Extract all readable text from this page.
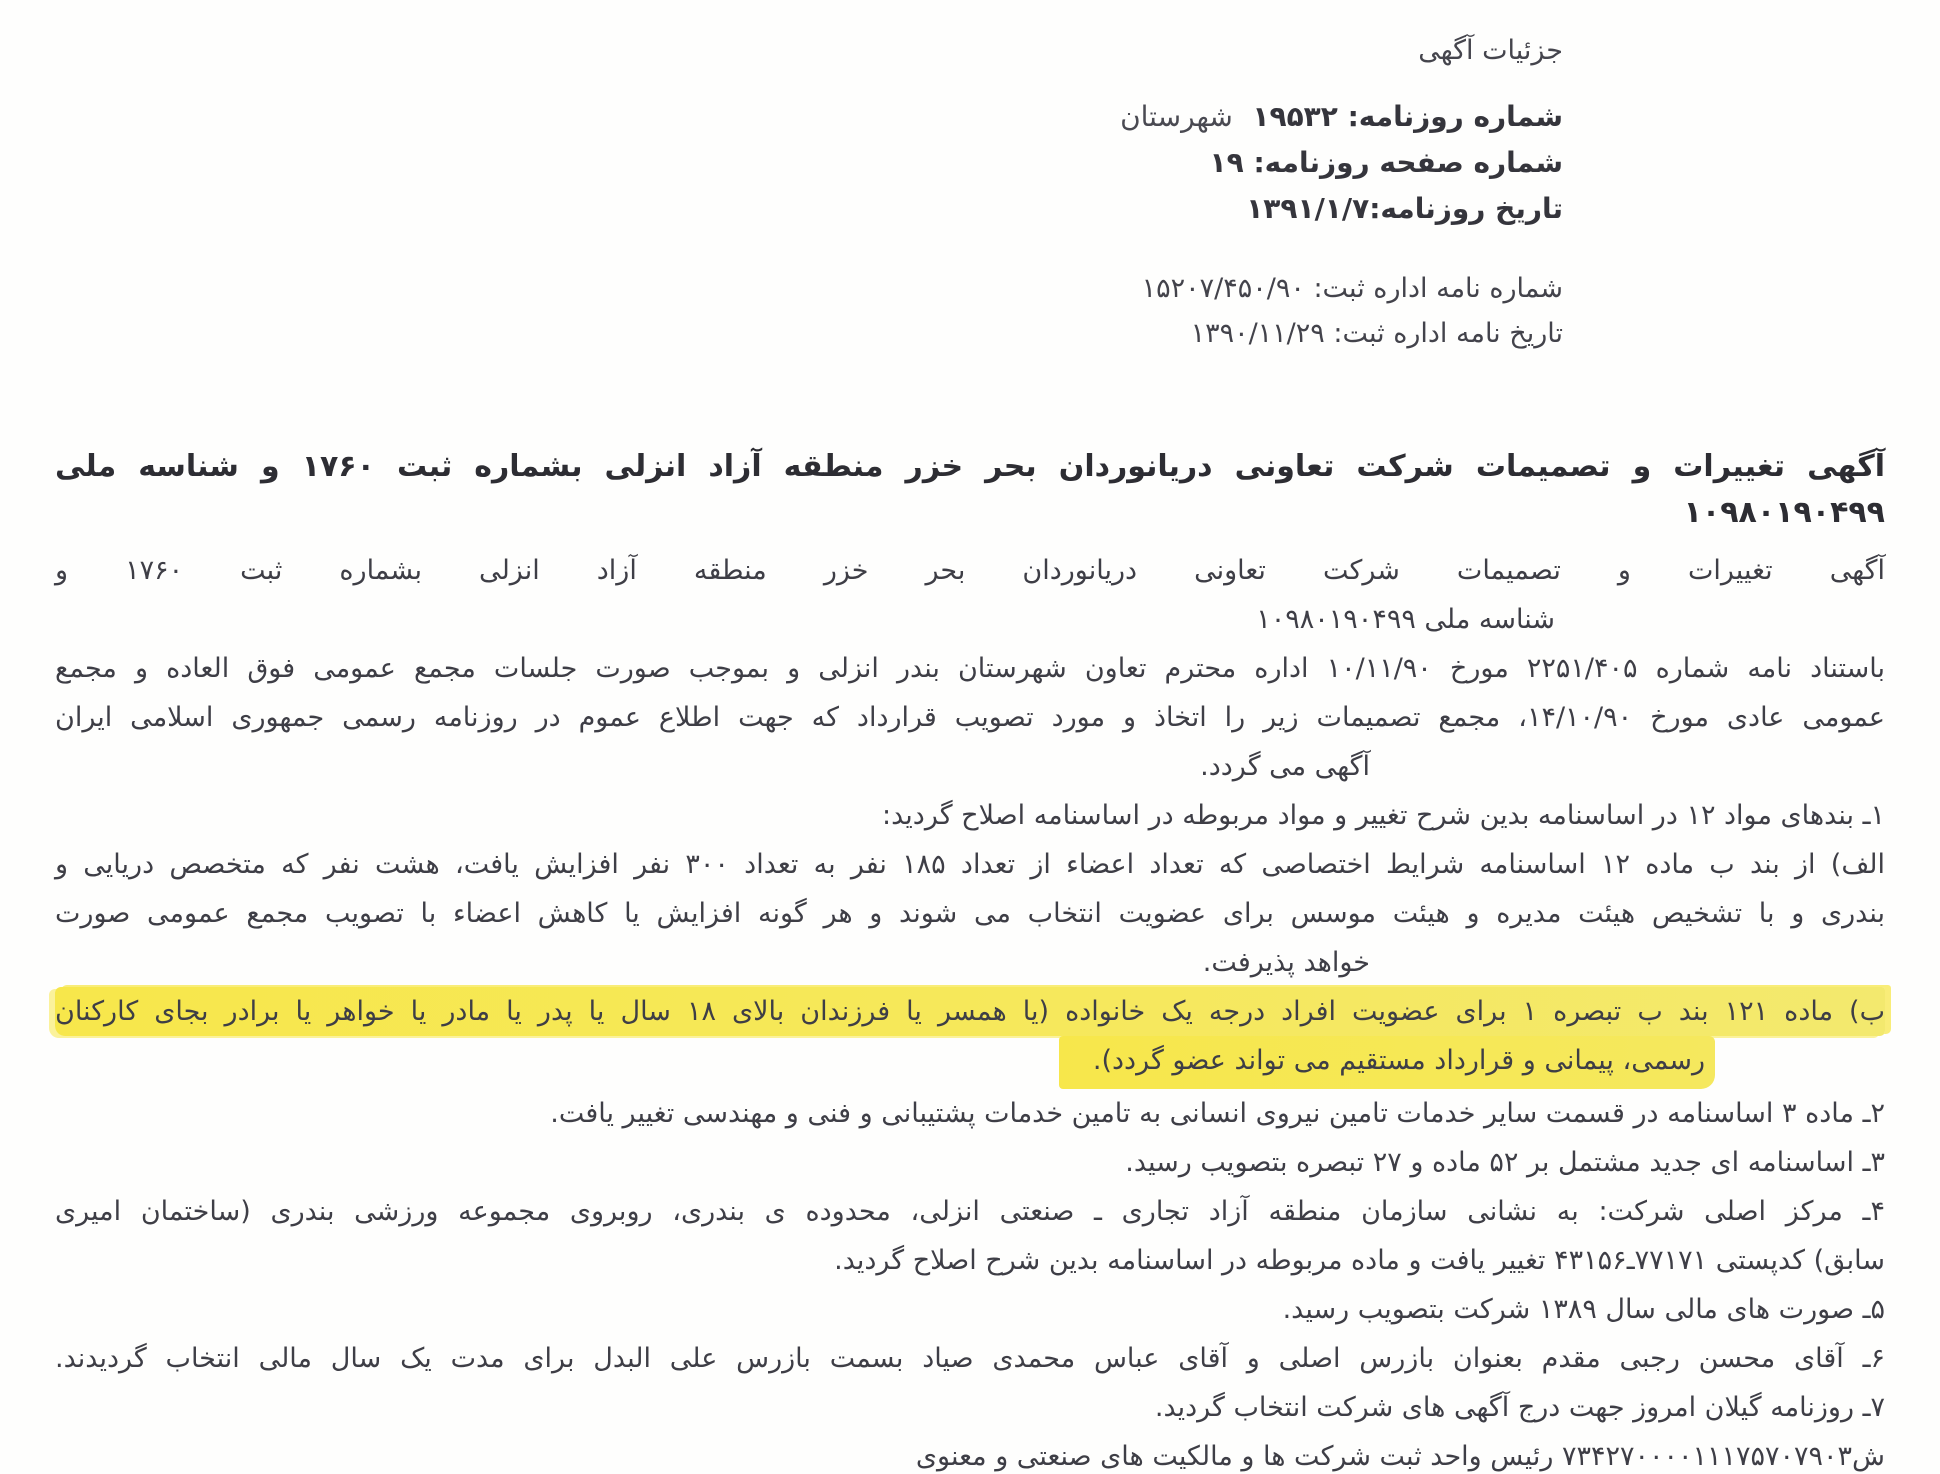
جزئیات آگهی
شماره روزنامه: ۱۹۵۳۲  شهرستان
شماره صفحه روزنامه: ۱۹
تاریخ روزنامه:۱۳۹۱/۱/۷
شماره نامه اداره ثبت: ۱۵۲۰۷/۴۵۰/۹۰
تاریخ نامه اداره ثبت: ۱۳۹۰/۱۱/۲۹
آگهی تغییرات و تصمیمات شرکت تعاونی دریانوردان بحر خزر منطقه آزاد انزلی بشماره ثبت ۱۷۶۰ و شناسه ملی ۱۰۹۸۰۱۹۰۴۹۹
آگهی تغییرات و تصمیمات شرکت تعاونی دریانوردان بحر خزر منطقه آزاد انزلی بشماره ثبت ۱۷۶۰ و
شناسه ملی ۱۰۹۸۰۱۹۰۴۹۹
باستناد نامه شماره ۲۲۵۱/۴۰۵ مورخ ۱۰/۱۱/۹۰ اداره محترم تعاون شهرستان بندر انزلی و بموجب صورت جلسات مجمع عمومی فوق العاده و مجمع
عمومی عادی مورخ ۱۴/۱۰/۹۰، مجمع تصمیمات زیر را اتخاذ و مورد تصویب قرارداد که جهت اطلاع عموم در روزنامه رسمی جمهوری اسلامی ایران
آگهی می گردد.
۱ـ بندهای مواد ۱۲ در اساسنامه بدین شرح تغییر و مواد مربوطه در اساسنامه اصلاح گردید:
الف) از بند ب ماده ۱۲ اساسنامه شرایط اختصاصی که تعداد اعضاء از تعداد ۱۸۵ نفر به تعداد ۳۰۰ نفر افزایش یافت، هشت نفر که متخصص دریایی و
بندری و با تشخیص هیئت مدیره و هیئت موسس برای عضویت انتخاب می شوند و هر گونه افزایش یا کاهش اعضاء با تصویب مجمع عمومی صورت
خواهد پذیرفت.
ب) ماده ۱۲۱ بند ب تبصره ۱ برای عضویت افراد درجه یک خانواده (یا همسر یا فرزندان بالای ۱۸ سال یا پدر یا مادر یا خواهر یا برادر بجای کارکنان
رسمی، پیمانی و قرارداد مستقیم می تواند عضو گردد).
۲ـ ماده ۳ اساسنامه در قسمت سایر خدمات تامین نیروی انسانی به تامین خدمات پشتیبانی و فنی و مهندسی تغییر یافت.
۳ـ اساسنامه ای جدید مشتمل بر ۵۲ ماده و ۲۷ تبصره بتصویب رسید.
۴ـ مرکز اصلی شرکت: به نشانی سازمان منطقه آزاد تجاری ـ صنعتی انزلی، محدوده ی بندری، روبروی مجموعه ورزشی بندری (ساختمان امیری
سابق) کدپستی ۷۷۱۷۱ـ۴۳۱۵۶ تغییر یافت و ماده مربوطه در اساسنامه بدین شرح اصلاح گردید.
۵ـ صورت های مالی سال ۱۳۸۹ شرکت بتصویب رسید.
۶ـ آقای محسن رجبی مقدم بعنوان بازرس اصلی و آقای عباس محمدی صیاد بسمت بازرس علی البدل برای مدت یک سال مالی انتخاب گردیدند.
۷ـ روزنامه گیلان امروز جهت درج آگهی های شرکت انتخاب گردید.
ش۷۳۴۲۷۰۰۰۰۱۱۱۷۵۷۰۷۹۰۳ رئیس واحد ثبت شرکت ها و مالکیت های صنعتی و معنوی
